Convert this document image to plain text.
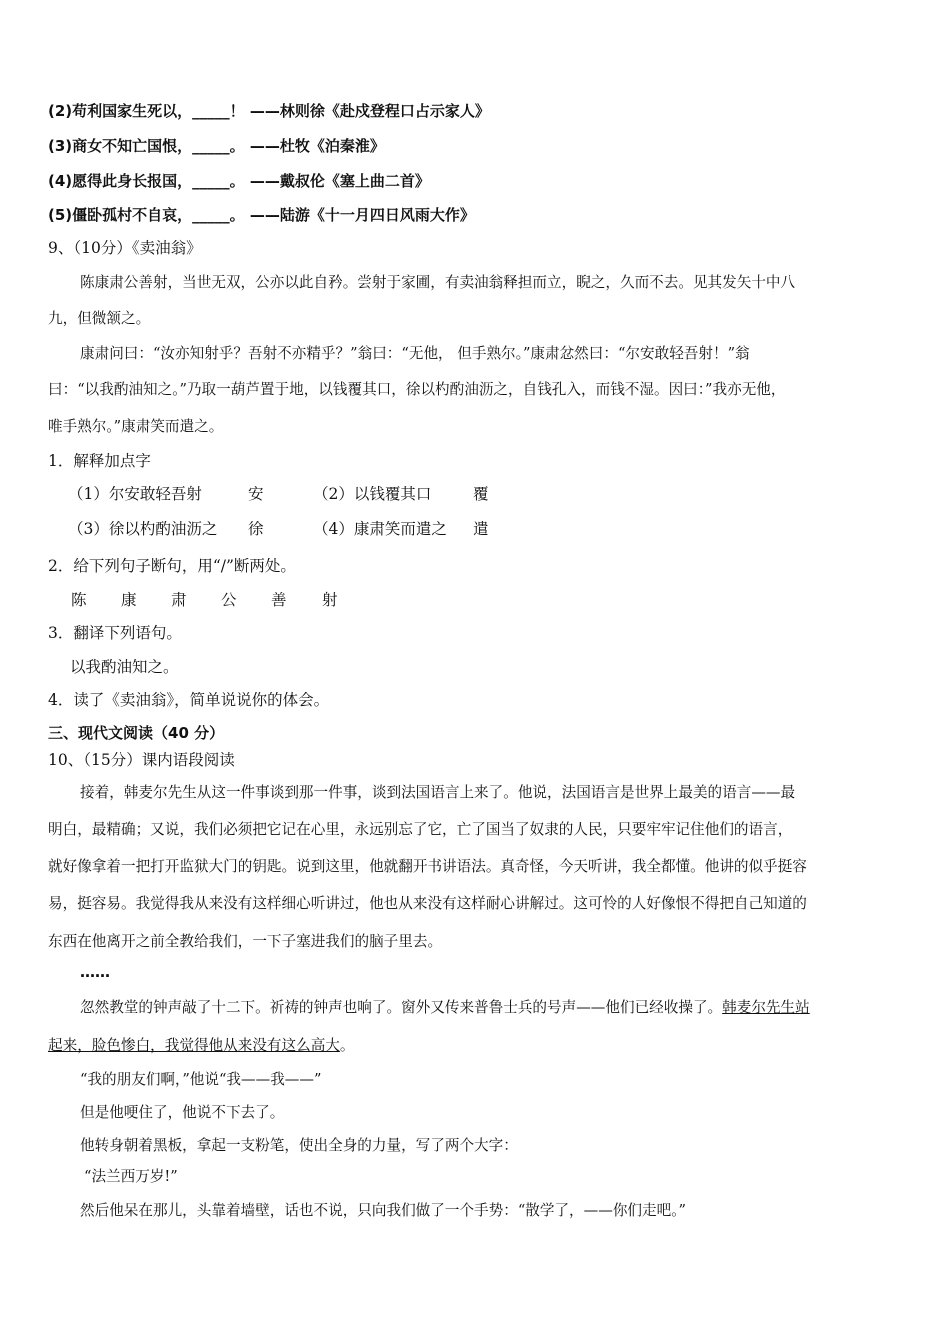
(2)苟利国家生死以，_____！ ——林则徐《赴戍登程口占示家人》
(3)商女不知亡国恨，_____。 ——杜牧《泊秦淮》
(4)愿得此身长报国，_____。 ——戴叔伦《塞上曲二首》
(5)僵卧孤村不自哀，_____。 ——陆游《十一月四日风雨大作》
9、（10分）《卖油翁》
陈康肃公善射，当世无双，公亦以此自矜。尝射于家圃，有卖油翁释担而立，睨之，久而不去。见其发矢十中八
九，但微颔之。
康肃问曰：“汝亦知射乎？吾射不亦精乎？”翁曰：“无他， 但手熟尔。”康肃忿然曰：“尔安敢轻吾射！”翁
曰：“以我酌油知之。”乃取一葫芦置于地，以钱覆其口，徐以杓酌油沥之，自钱孔入，而钱不湿。因曰：”我亦无他，
唯手熟尔。”康肃笑而遣之。
1．解释加点字
（1）尔安敢轻吾射	安	（2）以钱覆其口	覆
（3）徐以杓酌油沥之 徐	（4）康肃笑而遣之 遣
2．给下列句子断句，用“/”断两处。
陈 康 肃 公 善 射
3．翻译下列语句。
以我酌油知之。
4．读了《卖油翁》，简单说说你的体会。
三、现代文阅读（40 分）
10、（15分）课内语段阅读
接着，韩麦尔先生从这一件事谈到那一件事，谈到法国语言上来了。他说，法国语言是世界上最美的语言——最
明白，最精确；又说，我们必须把它记在心里，永远别忘了它，亡了国当了奴隶的人民，只要牢牢记住他们的语言，
就好像拿着一把打开监狱大门的钥匙。说到这里，他就翻开书讲语法。真奇怪，今天听讲，我全都懂。他讲的似乎挺容
易，挺容易。我觉得我从来没有这样细心听讲过，他也从来没有这样耐心讲解过。这可怜的人好像恨不得把自己知道的
东西在他离开之前全教给我们，一下子塞进我们的脑子里去。
……
忽然教堂的钟声敲了十二下。祈祷的钟声也响了。窗外又传来普鲁士兵的号声——他们已经收操了。韩麦尔先生站
起来，脸色惨白，我觉得他从来没有这么高大。
“我的朋友们啊，”他说“我——我——”
但是他哽住了，他说不下去了。
他转身朝着黑板，拿起一支粉笔，使出全身的力量，写了两个大字：
“法兰西万岁!”
然后他呆在那儿，头靠着墙壁，话也不说，只向我们做了一个手势：“散学了，——你们走吧。”
